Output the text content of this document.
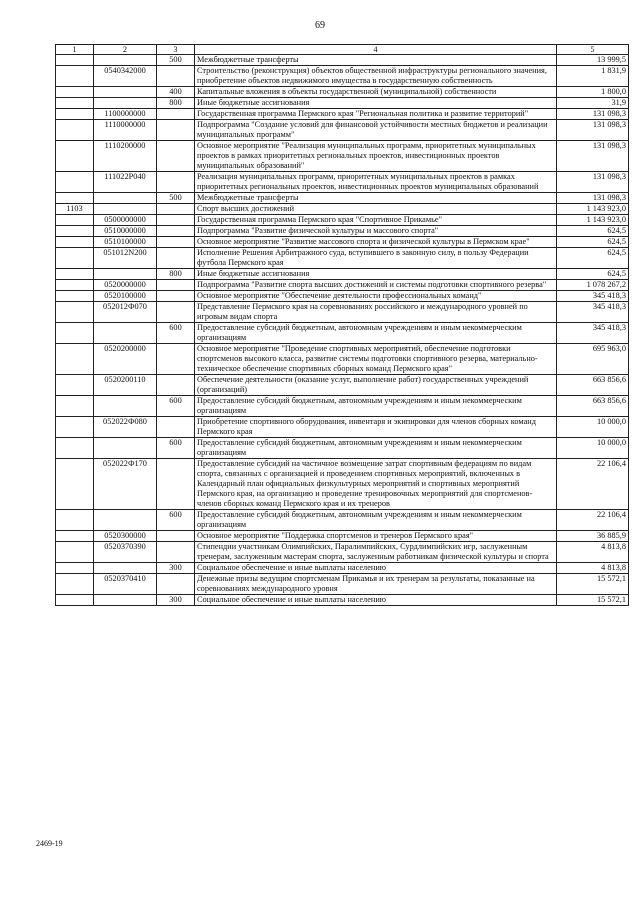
69
1	2	3	4	5
		500	Межбюджетные трансферты	13 999,5
	0540342000		Строительство (реконструкция) объектов общественной инфраструктуры регионального значения, приобретение объектов недвижимого имущества в государственную собственность	1 831,9
		400	Капитальные вложения в объекты государственной (муниципальной) собственности	1 800,0
		800	Иные бюджетные ассигнования	31,9
	1100000000		Государственная программа Пермского края "Региональная политика и развитие территорий"	131 098,3
	1110000000		Подпрограмма "Создание условий для финансовой устойчивости местных бюджетов и реализации муниципальных программ"	131 098,3
	1110200000		Основное мероприятие "Реализация муниципальных программ, приоритетных муниципальных проектов в рамках приоритетных региональных проектов, инвестиционных проектов муниципальных образований"	131 098,3
	111022P040		Реализация муниципальных программ, приоритетных муниципальных проектов в рамках приоритетных региональных проектов, инвестиционных проектов муниципальных образований	131 098,3
		500	Межбюджетные трансферты	131 098,3
1103			Спорт высших достижений	1 143 923,0
	0500000000		Государственная программа Пермского края "Спортивное Прикамье"	1 143 923,0
	0510000000		Подпрограмма "Развитие физической культуры и массового спорта"	624,5
	0510100000		Основное мероприятие "Развитие массового спорта и физической культуры в Пермском крае"	624,5
	051012N200		Исполнение Решения Арбитражного суда, вступившего в законную силу, в пользу Федерации футбола Пермского края	624,5
		800	Иные бюджетные ассигнования	624,5
	0520000000		Подпрограмма "Развитие спорта высших достижений и системы подготовки спортивного резерва"	1 078 267,2
	0520100000		Основное мероприятие "Обеспечение деятельности профессиональных команд"	345 418,3
	052012Ф070		Представление Пермского края на соревнованиях российского и международного уровней по игровым видам спорта	345 418,3
		600	Предоставление субсидий бюджетным, автономным учреждениям и иным некоммерческим организациям	345 418,3
	0520200000		Основное мероприятие "Проведение спортивных мероприятий, обеспечение подготовки спортсменов высокого класса, развитие системы подготовки спортивного резерва, материально-техническое обеспечение спортивных сборных команд Пермского края"	695 963,0
	0520200110		Обеспечение деятельности (оказание услуг, выполнение работ) государственных учреждений (организаций)	663 856,6
		600	Предоставление субсидий бюджетным, автономным учреждениям и иным некоммерческим организациям	663 856,6
	052022Ф080		Приобретение спортивного оборудования, инвентаря и экипировки для членов сборных команд Пермского края	10 000,0
		600	Предоставление субсидий бюджетным, автономным учреждениям и иным некоммерческим организациям	10 000,0
	052022Ф170		Предоставление субсидий на частичное возмещение затрат спортивным федерациям по видам спорта, связанных с организацией и проведением спортивных мероприятий, включенных в Календарный план официальных физкультурных мероприятий и спортивных мероприятий Пермского края, на организацию и проведение тренировочных мероприятий для спортсменов-членов сборных команд Пермского края и их тренеров	22 106,4
		600	Предоставление субсидий бюджетным, автономным учреждениям и иным некоммерческим организациям	22 106,4
	0520300000		Основное мероприятие "Поддержка спортсменов и тренеров Пермского края"	36 885,9
	0520370390		Стипендии участникам Олимпийских, Паралимпийских, Сурдлимпийских игр, заслуженным тренерам, заслуженным мастерам спорта, заслуженным работникам физической культуры и спорта	4 813,8
		300	Социальное обеспечение и иные выплаты населению	4 813,8
	0520370410		Денежные призы ведущим спортсменам Прикамья и их тренерам за результаты, показанные на соревнованиях международного уровня	15 572,1
		300	Социальное обеспечение и иные выплаты населению	15 572,1
2469-19
